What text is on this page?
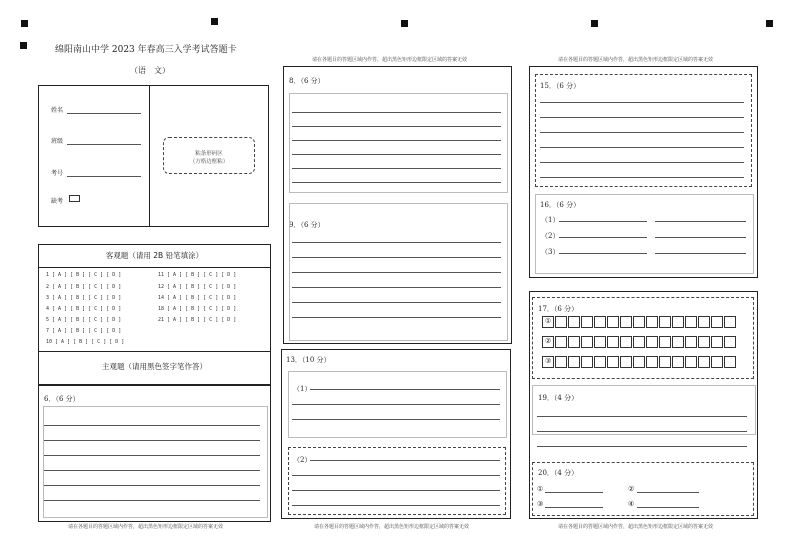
绵阳南山中学 2023 年春高三入学考试答题卡
（语　文）
姓名
班级
考号
缺考
粘条形码区
（方格边框粘）
客观题（请用 2B 铅笔填涂）
主观题（请用黑色签字笔作答）
1 [ A ] [ B ] [ C ] [ D ]
2 [ A ] [ B ] [ C ] [ D ]
3 [ A ] [ B ] [ C ] [ D ]
4 [ A ] [ B ] [ C ] [ D ]
5 [ A ] [ B ] [ C ] [ D ]
7 [ A ] [ B ] [ C ] [ D ]
10 [ A ] [ B ] [ C ] [ D ]
11 [ A ] [ B ] [ C ] [ D ]
12 [ A ] [ B ] [ C ] [ D ]
14 [ A ] [ B ] [ C ] [ D ]
18 [ A ] [ B ] [ C ] [ D ]
21 [ A ] [ B ] [ C ] [ D ]
6．（6 分）
请在各题目的答题区域内作答，超出黑色矩形边框限定区域的答案无效
请在各题目的答题区域内作答，超出黑色矩形边框限定区域的答案无效
8．（6 分）
9．（6 分）
13．（10 分）
（1）
（2）
请在各题目的答题区域内作答，超出黑色矩形边框限定区域的答案无效
请在各题目的答题区域内作答，超出黑色矩形边框限定区域的答案无效
15．（6 分）
16．（6 分）
（1）
（2）
（3）
17．（6 分）
19．（4 分）
20．（4 分）
①
②
③
①	②
③	④
请在各题目的答题区域内作答，超出黑色矩形边框限定区域的答案无效
